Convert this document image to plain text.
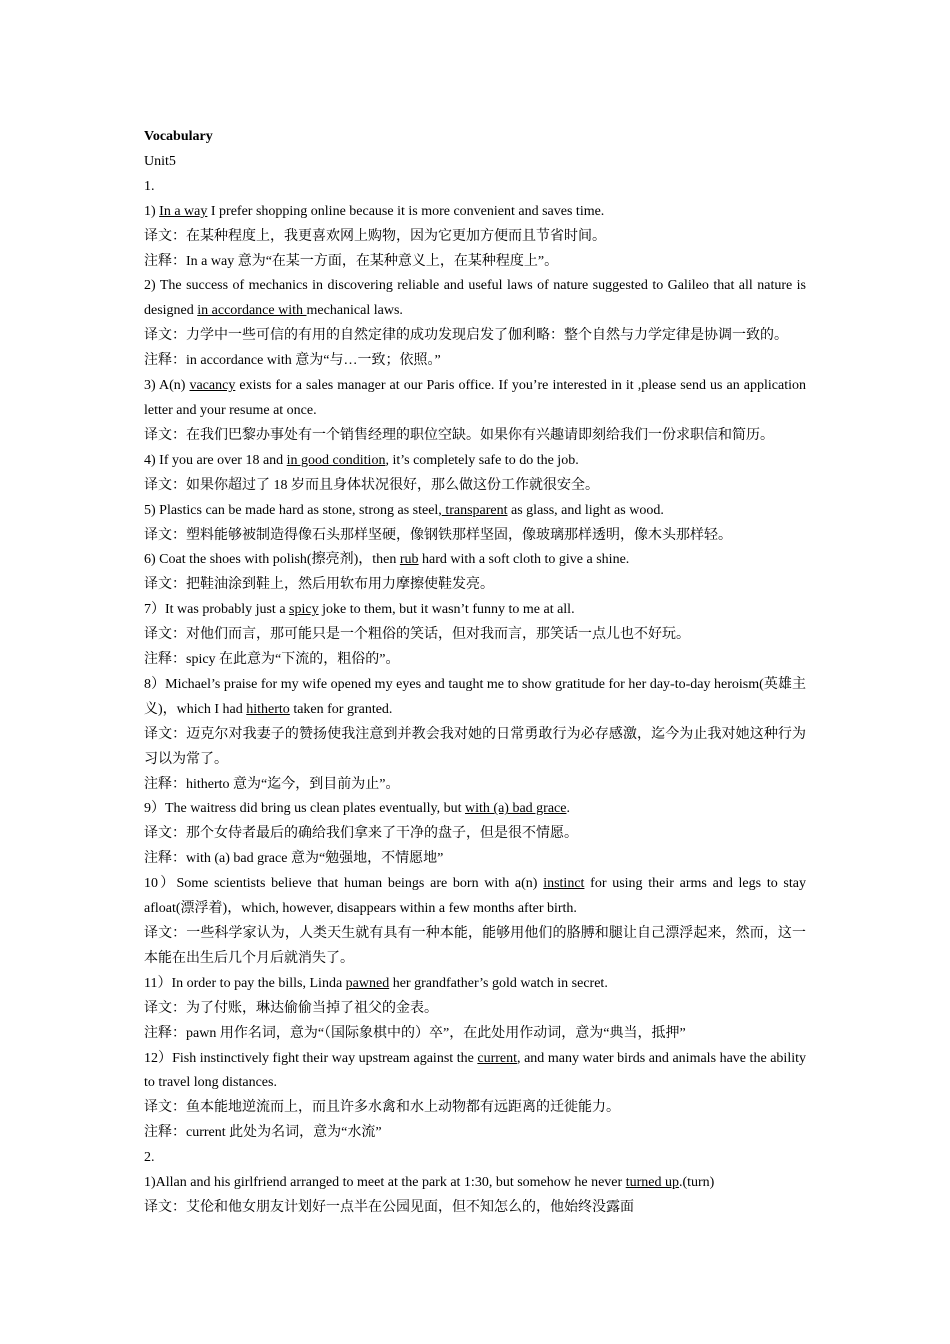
Vocabulary

Unit5

1.

1) In a way I prefer shopping online because it is more convenient and saves time.

译文：在某种程度上，我更喜欢网上购物，因为它更加方便而且节省时间。

注释：In a way 意为“在某一方面，在某种意义上，在某种程度上”。

2) The success of mechanics in discovering reliable and useful laws of nature suggested to Galileo that all nature is designed in accordance with mechanical laws.

译文：力学中一些可信的有用的自然定律的成功发现启发了伽利略：整个自然与力学定律是协调一致的。

注释：in accordance with 意为“与…一致；依照。”

3) A(n) vacancy exists for a sales manager at our Paris office. If you’re interested in it ,please send us an application letter and your resume at once.

译文：在我们巴黎办事处有一个销售经理的职位空缺。如果你有兴趣请即刻给我们一份求职信和简历。

4) If you are over 18 and in good condition, it’s completely safe to do the job.

译文：如果你超过了 18 岁而且身体状况很好，那么做这份工作就很安全。

5) Plastics can be made hard as stone, strong as steel, transparent as glass, and light as wood.

译文：塑料能够被制造得像石头那样坚硬，像钢铁那样坚固，像玻璃那样透明，像木头那样轻。

6) Coat the shoes with polish(擦亮剂)，then rub hard with a soft cloth to give a shine.

译文：把鞋油涂到鞋上，然后用软布用力摩擦使鞋发亮。

7）It was probably just a spicy joke to them, but it wasn’t funny to me at all.

译文：对他们而言，那可能只是一个粗俗的笑话，但对我而言，那笑话一点儿也不好玩。

注释：spicy 在此意为“下流的，粗俗的”。

8）Michael’s praise for my wife opened my eyes and taught me to show gratitude for her day-to-day heroism(英雄主义)，which I had hitherto taken for granted.

译文：迈克尔对我妻子的赞扬使我注意到并教会我对她的日常勇敢行为必存感激，迄今为止我对她这种行为习以为常了。

注释：hitherto 意为“迄今，到目前为止”。

9）The waitress did bring us clean plates eventually, but with (a) bad grace.

译文：那个女侍者最后的确给我们拿来了干净的盘子，但是很不情愿。

注释：with (a) bad grace 意为“勉强地，不情愿地”

10）Some scientists believe that human beings are born with a(n) instinct for using their arms and legs to stay afloat(漂浮着)，which, however, disappears within a few months after birth.

译文：一些科学家认为，人类天生就有具有一种本能，能够用他们的胳膊和腿让自己漂浮起来，然而，这一本能在出生后几个月后就消失了。

11）In order to pay the bills, Linda pawned her grandfather’s gold watch in secret.

译文：为了付账，琳达偷偷当掉了祖父的金表。

注释：pawn 用作名词，意为“（国际象棋中的）卒”，在此处用作动词，意为“典当，抵押”

12）Fish instinctively fight their way upstream against the current, and many water birds and animals have the ability to travel long distances.

译文：鱼本能地逆流而上，而且许多水禽和水上动物都有远距离的迁徙能力。

注释：current 此处为名词，意为“水流”

2.

1)Allan and his girlfriend arranged to meet at the park at 1:30, but somehow he never turned up.(turn)

译文：艾伦和他女朋友计划好一点半在公园见面，但不知怎么的，他始终没露面
